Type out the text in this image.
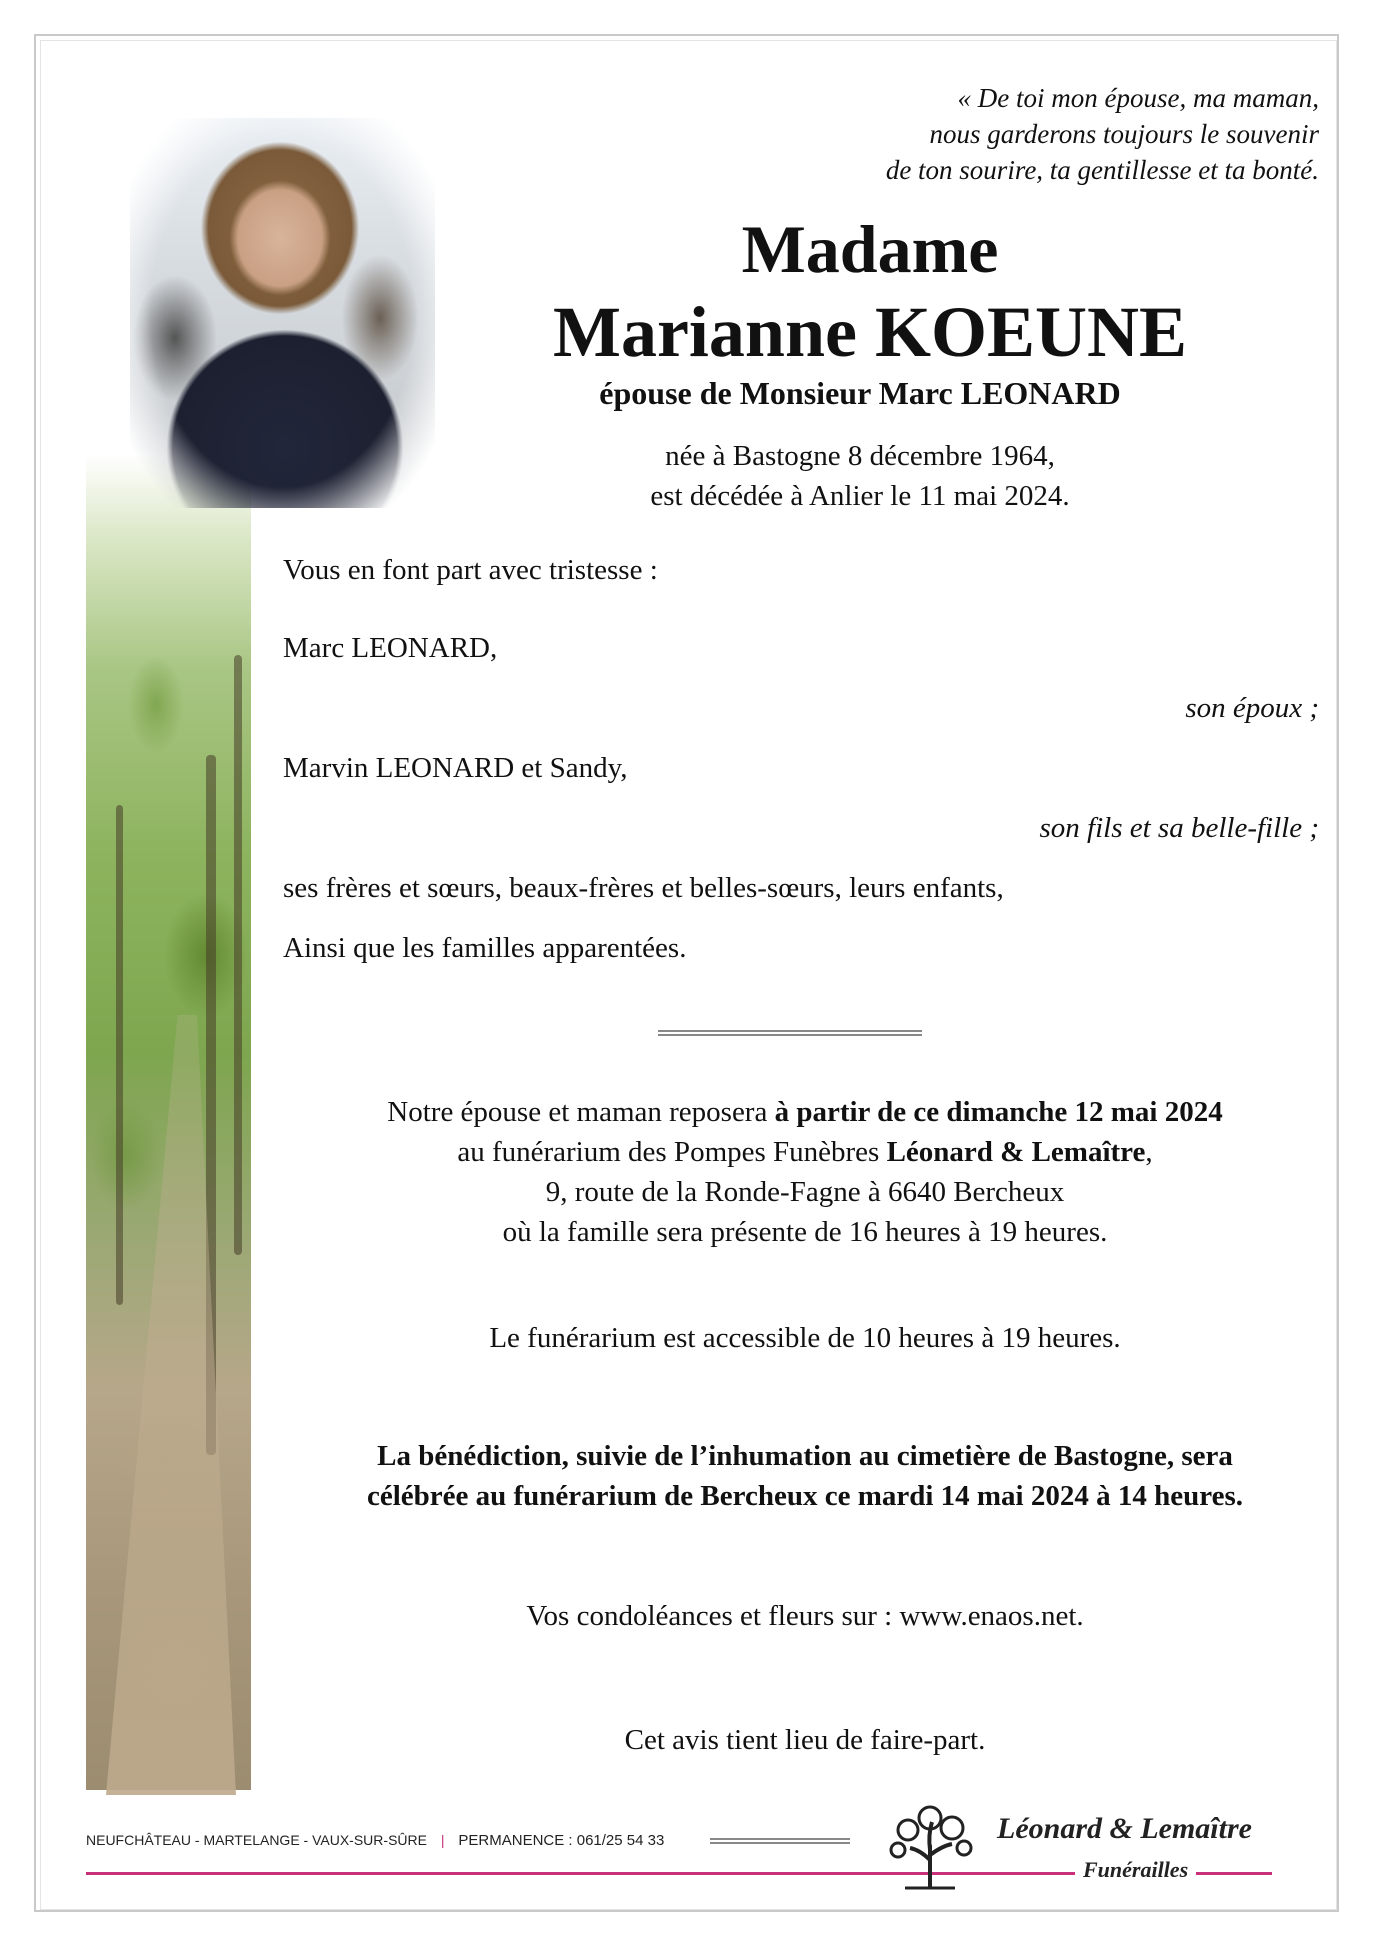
« De toi mon épouse, ma maman,
nous garderons toujours le souvenir
de ton sourire, ta gentillesse et ta bonté.
Madame
Marianne KOEUNE
épouse de Monsieur Marc LEONARD
née à Bastogne 8 décembre 1964,
est décédée à Anlier le 11 mai 2024.
Vous en font part avec tristesse :
Marc LEONARD,
son époux ;
Marvin LEONARD et Sandy,
son fils et sa belle-fille ;
ses frères et sœurs, beaux-frères et belles-sœurs, leurs enfants,
Ainsi que les familles apparentées.
Notre épouse et maman reposera à partir de ce dimanche 12 mai 2024
au funérarium des Pompes Funèbres Léonard & Lemaître,
9, route de la Ronde-Fagne à 6640 Bercheux
où la famille sera présente de 16 heures à 19 heures.
Le funérarium est accessible de 10 heures à 19 heures.
La bénédiction, suivie de l’inhumation au cimetière de Bastogne, sera
célébrée au funérarium de Bercheux ce mardi 14 mai 2024 à 14 heures.
Vos condoléances et fleurs sur : www.enaos.net.
Cet avis tient lieu de faire-part.
NEUFCHÂTEAU - MARTELANGE - VAUX-SUR-SÛRE | PERMANENCE : 061/25 54 33	Léonard & Lemaître
Funérailles
